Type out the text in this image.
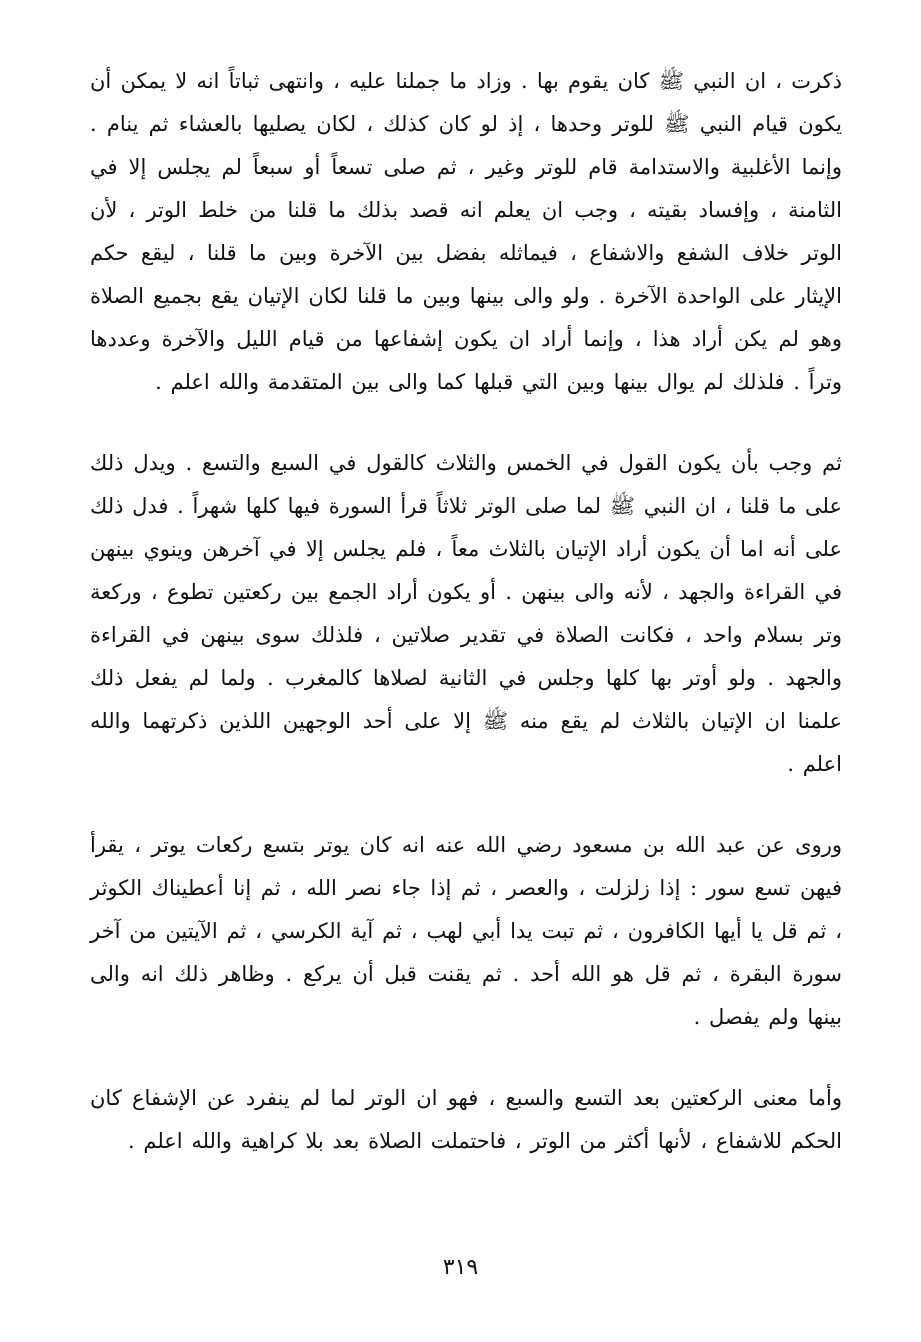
ذكرت ، ان النبي ﷺ كان يقوم بها . وزاد ما جملنا عليه ، وانتهى ثباتاً انه لا يمكن أن يكون قيام النبي ﷺ للوتر وحدها ، إذ لو كان كذلك ، لكان يصليها بالعشاء ثم ينام . وإنما الأغلبية والاستدامة قام للوتر وغير ، ثم صلى تسعاً أو سبعاً لم يجلس إلا في الثامنة ، وإفساد بقيته ، وجب ان يعلم انه قصد بذلك ما قلنا من خلط الوتر ، لأن الوتر خلاف الشفع والاشفاع ، فيماثله بفضل بين الآخرة وبين ما قلنا ، ليقع حكم الإيثار على الواحدة الآخرة . ولو والى بينها وبين ما قلنا لكان الإتيان يقع بجميع الصلاة وهو لم يكن أراد هذا ، وإنما أراد ان يكون إشفاعها من قيام الليل والآخرة وعددها وتراً . فلذلك لم يوال بينها وبين التي قبلها كما والى بين المتقدمة والله اعلم .

ثم وجب بأن يكون القول في الخمس والثلاث كالقول في السبع والتسع . ويدل ذلك على ما قلنا ، ان النبي ﷺ لما صلى الوتر ثلاثاً قرأ السورة فيها كلها شهراً . فدل ذلك على أنه اما أن يكون أراد الإتيان بالثلاث معاً ، فلم يجلس إلا في آخرهن وينوي بينهن في القراءة والجهد ، لأنه والى بينهن . أو يكون أراد الجمع بين ركعتين تطوع ، وركعة وتر بسلام واحد ، فكانت الصلاة في تقدير صلاتين ، فلذلك سوى بينهن في القراءة والجهد . ولو أوتر بها كلها وجلس في الثانية لصلاها كالمغرب . ولما لم يفعل ذلك علمنا ان الإتيان بالثلاث لم يقع منه ﷺ إلا على أحد الوجهين اللذين ذكرتهما والله اعلم .

وروى عن عبد الله بن مسعود رضي الله عنه انه كان يوتر بتسع ركعات يوتر ، يقرأ فيهن تسع سور : إذا زلزلت ، والعصر ، ثم إذا جاء نصر الله ، ثم إنا أعطيناك الكوثر ، ثم قل يا أيها الكافرون ، ثم تبت يدا أبي لهب ، ثم آية الكرسي ، ثم الآيتين من آخر سورة البقرة ، ثم قل هو الله أحد . ثم يقنت قبل أن يركع . وظاهر ذلك انه والى بينها ولم يفصل .

وأما معنى الركعتين بعد التسع والسبع ، فهو ان الوتر لما لم ينفرد عن الإشفاع كان الحكم للاشفاع ، لأنها أكثر من الوتر ، فاحتملت الصلاة بعد بلا كراهية والله اعلم .

٣١٩
